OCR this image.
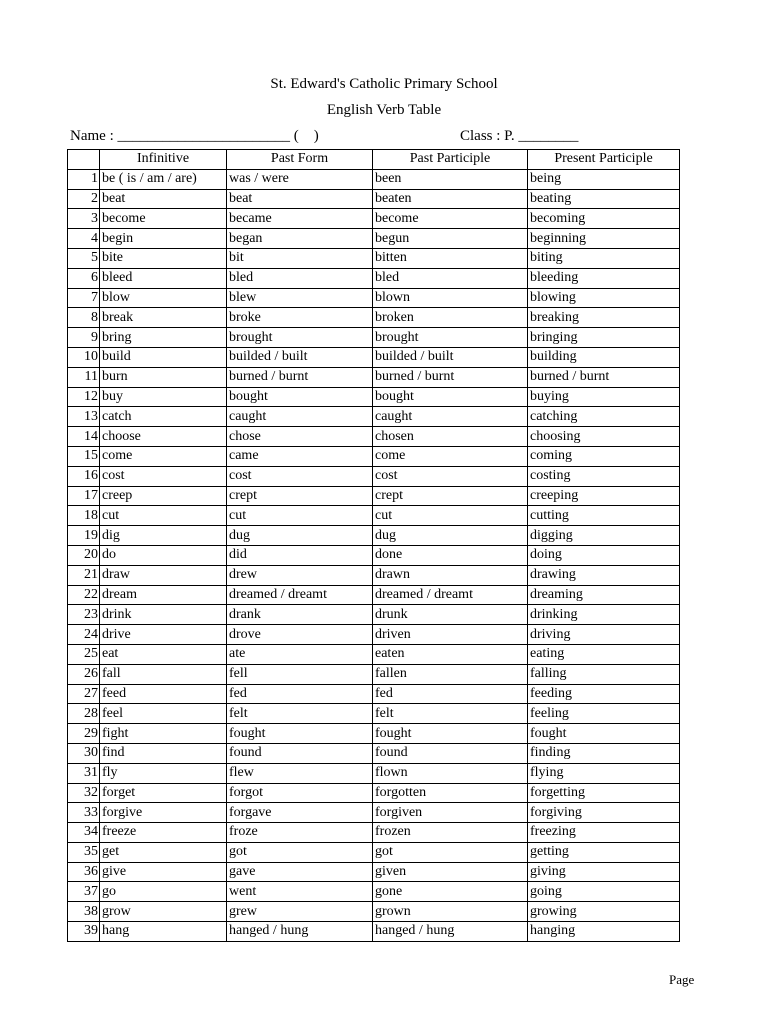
St. Edward's Catholic Primary School
English Verb Table
Name : _______________________ (    )	Class : P. ________
	Infinitive	Past Form	Past Participle	Present Participle
1	be ( is / am / are)	was / were	been	being
2	beat	beat	beaten	beating
3	become	became	become	becoming
4	begin	began	begun	beginning
5	bite	bit	bitten	biting
6	bleed	bled	bled	bleeding
7	blow	blew	blown	blowing
8	break	broke	broken	breaking
9	bring	brought	brought	bringing
10	build	builded / built	builded / built	building
11	burn	burned / burnt	burned / burnt	burned / burnt
12	buy	bought	bought	buying
13	catch	caught	caught	catching
14	choose	chose	chosen	choosing
15	come	came	come	coming
16	cost	cost	cost	costing
17	creep	crept	crept	creeping
18	cut	cut	cut	cutting
19	dig	dug	dug	digging
20	do	did	done	doing
21	draw	drew	drawn	drawing
22	dream	dreamed / dreamt	dreamed / dreamt	dreaming
23	drink	drank	drunk	drinking
24	drive	drove	driven	driving
25	eat	ate	eaten	eating
26	fall	fell	fallen	falling
27	feed	fed	fed	feeding
28	feel	felt	felt	feeling
29	fight	fought	fought	fought
30	find	found	found	finding
31	fly	flew	flown	flying
32	forget	forgot	forgotten	forgetting
33	forgive	forgave	forgiven	forgiving
34	freeze	froze	frozen	freezing
35	get	got	got	getting
36	give	gave	given	giving
37	go	went	gone	going
38	grow	grew	grown	growing
39	hang	hanged / hung	hanged / hung	hanging
Page
